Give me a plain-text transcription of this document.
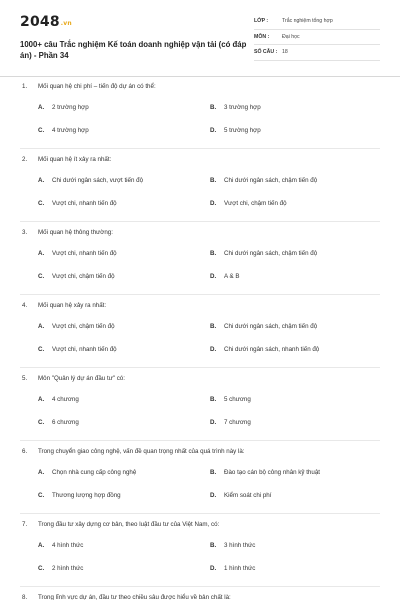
2048.vn
1000+ câu Trắc nghiệm Kế toán doanh nghiệp vận tải (có đáp án) - Phần 34
LỚP :	Trắc nghiệm tổng hợp
MÔN : Đại học
SỐ CÂU : 18
1. Mối quan hệ chi phí – tiến độ dự án có thể:
A. 2 trường hợp	B. 3 trường hợp
C. 4 trường hợp	D. 5 trường hợp
2. Mối quan hệ ít xảy ra nhất:
A. Chi dưới ngân sách, vượt tiến độ	B. Chi dưới ngân sách, chậm tiến độ
C. Vượt chi, nhanh tiến độ	D. Vượt chi, chậm tiến độ
3. Mối quan hệ thông thường:
A. Vượt chi, nhanh tiến độ	B. Chi dưới ngân sách, chậm tiến độ
C. Vượt chi, chậm tiến độ	D. A & B
4. Mối quan hệ xảy ra nhất:
A. Vượt chi, chậm tiến độ	B. Chi dưới ngân sách, chậm tiến độ
C. Vượt chi, nhanh tiến độ	D. Chi dưới ngân sách, nhanh tiến độ
5. Môn "Quản lý dự án đầu tư" có:
A. 4 chương	B. 5 chương
C. 6 chương	D. 7 chương
6. Trong chuyển giao công nghệ, vấn đề quan trọng nhất của quá trình này là:
A. Chọn nhà cung cấp công nghệ	B. Đào tạo cán bộ công nhân kỹ thuật
C. Thương lượng hợp đồng	D. Kiểm soát chi phí
7. Trong đầu tư xây dựng cơ bản, theo luật đầu tư của Việt Nam, có:
A. 4 hình thức	B. 3 hình thức
C. 2 hình thức	D. 1 hình thức
8. Trong lĩnh vực dự án, đầu tư theo chiều sâu được hiểu về bản chất là:
